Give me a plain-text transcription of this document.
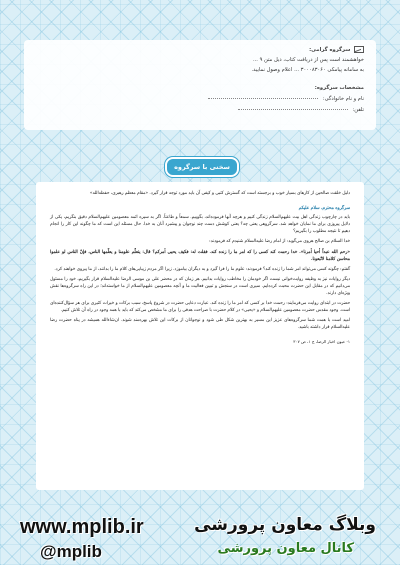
سرگروه گرامی:
خواهشمند است پس از دریافت کتاب، ذیل متن ۹ ...
به سامانه پیامکی ۳۰۰۰۸۳۰۶۰ ... اعلام وصول نمایید.
مشخصات سرگروه:
نام و نام خانوادگی:
تلفن:
سخنی با سرگروه

دلیل خلقت صالحین از کارهای بسیار خوب و برجسته است که گسترش کتبی و کیفی آن باید مورد توجه قرار گیرد. «مقام معظم رهبری، حفظه‌الله»

سرگروه محترم، سلام علیکم

باید در چارچوب زندگی اهل بیت علیهم‌السلام زندگی کنیم و هرچه آنها فرموده‌اند، بگوییم. سمعاً و طاعتاً. اگر به سیره ائمه معصومین علیهم‌السلام دقیق بنگریم، یکی از دلایل پیروزی برای ما نمایان خواهد شد. سرگروهی یعنی چه؟ یعنی کوشش دست چند نوجوان و پیشبرد آنان به خدا. حال مسئله این است که ما چگونه این کار را انجام دهیم تا نتیجه مطلوب را بگیریم؟

خدا السلام بن صالح هروی می‌گوید: از امام رضا علیه‌السلام شنیدم که فرمودند:

«رحم الله عبداً أحیا أمرنا». خدا رحمت کند کسی را که امر ما را زنده کند. فقلت له: فکیف یحیی أمرکم؟ قال: یتعلّم علومنا و یعلّمها الناس، فإنّ الناس لو علموا محاسن کلامنا لاتّبعونا.

گفتم: چگونه کسی می‌تواند امر شما را زنده کند؟ فرمودند: علوم ما را فرا گیرد و به دیگران بیاموزد. زیرا اگر مردم زیبایی‌های کلام ما را بدانند، از ما پیروی خواهند کرد.

دیگر روایات نیز به وظیفه روایت‌خوانی نیست اگر خودمان را مخاطب روایات بدانیم. هر زمان که در محضر علی بن موسی الرضا علیه‌السلام قرار بگیریم، خود را مسئول می‌دانیم که در مقابل این حضرت محبت کرده‌ایم. سیری است در سنجش و تبیین فعالیت ما و آنچه معصومین علیهم‌السلام از ما خواسته‌اند؛ در این راه سرگروه‌ها نقش ویژه‌ای دارند.

حضرت در ابتدای روایت می‌فرمایند: رحمت خدا بر کسی که امر ما را زنده کند. عبارت دعایی حضرت در شروع پاسخ، سبب برکات و خیرات کثیری برای هر سؤال‌کننده‌ای است. وجود مقدس حضرت معصومین علیهم‌السلام و «یحیی» در کلام حضرت با صراحت هدفی را برای ما مشخص می‌کند که باید با همه وجود در راه آن تلاش کنیم.

امید است با همت شما سرگروه‌های عزیز این مسیر به بهترین شکل طی شود و نوجوانان از برکات این تلاش بهره‌مند شوند. ان‌شاءالله همیشه در پناه حضرت رضا علیه‌السلام قرار داشته باشید.

۱- عیون اخبار الرضا، ج ۱، ص ۳۰۷

www.mplib.ir	وبلاگ معاون پرورشی
@mplib	کانال معاون پرورشی
